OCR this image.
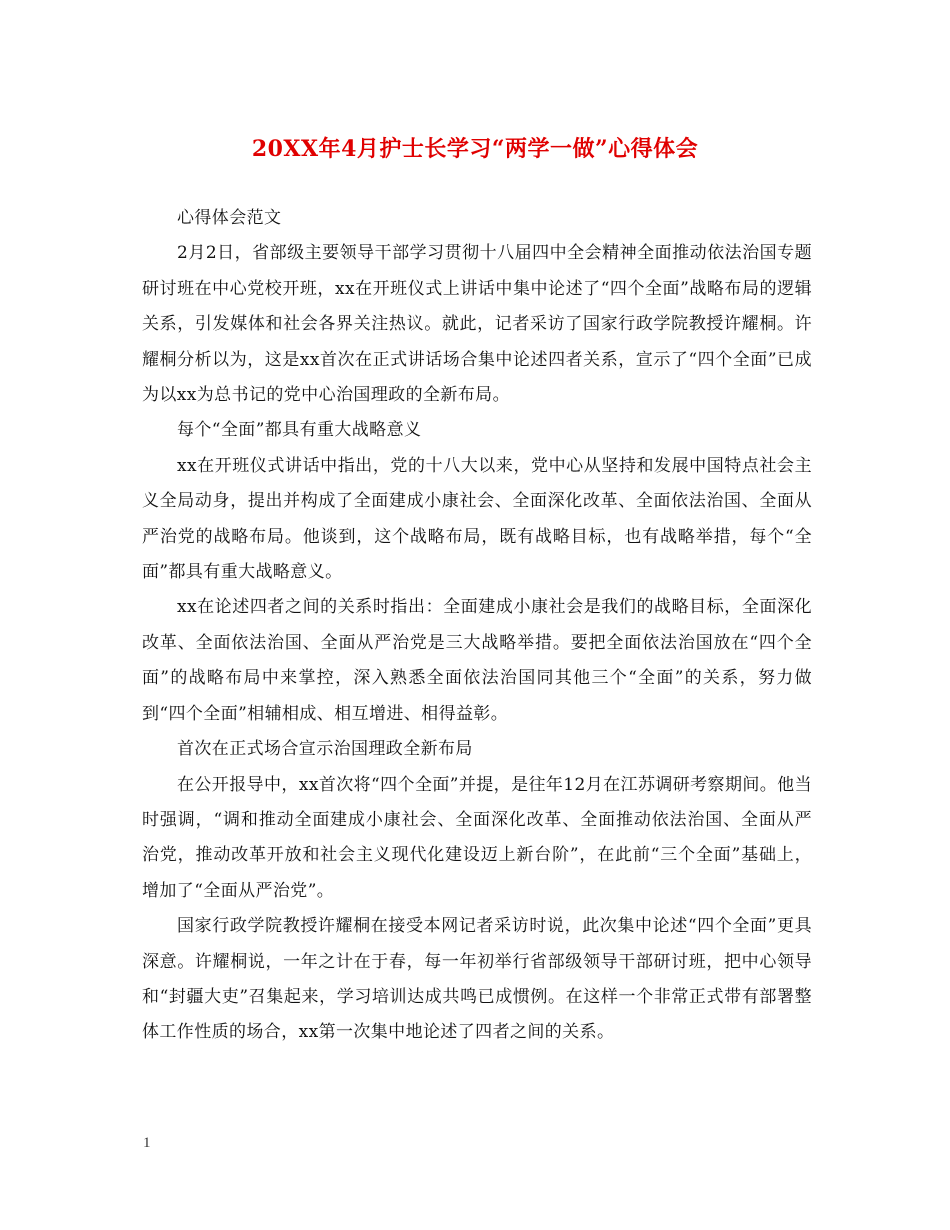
20XX年4月护士长学习“两学一做”心得体会

心得体会范文

2月2日，省部级主要领导干部学习贯彻十八届四中全会精神全面推动依法治国专题研讨班在中心党校开班，xx在开班仪式上讲话中集中论述了“四个全面”战略布局的逻辑关系，引发媒体和社会各界关注热议。就此，记者采访了国家行政学院教授许耀桐。许耀桐分析以为，这是xx首次在正式讲话场合集中论述四者关系，宣示了“四个全面”已成为以xx为总书记的党中心治国理政的全新布局。

每个“全面”都具有重大战略意义

xx在开班仪式讲话中指出，党的十八大以来，党中心从坚持和发展中国特点社会主义全局动身，提出并构成了全面建成小康社会、全面深化改革、全面依法治国、全面从严治党的战略布局。他谈到，这个战略布局，既有战略目标，也有战略举措，每个“全面”都具有重大战略意义。

xx在论述四者之间的关系时指出：全面建成小康社会是我们的战略目标，全面深化改革、全面依法治国、全面从严治党是三大战略举措。要把全面依法治国放在“四个全面”的战略布局中来掌控，深入熟悉全面依法治国同其他三个“全面”的关系，努力做到“四个全面”相辅相成、相互增进、相得益彰。

首次在正式场合宣示治国理政全新布局

在公开报导中，xx首次将“四个全面”并提，是往年12月在江苏调研考察期间。他当时强调，“调和推动全面建成小康社会、全面深化改革、全面推动依法治国、全面从严治党，推动改革开放和社会主义现代化建设迈上新台阶”，在此前“三个全面”基础上，增加了“全面从严治党”。

国家行政学院教授许耀桐在接受本网记者采访时说，此次集中论述“四个全面”更具深意。许耀桐说，一年之计在于春，每一年初举行省部级领导干部研讨班，把中心领导和“封疆大吏”召集起来，学习培训达成共鸣已成惯例。在这样一个非常正式带有部署整体工作性质的场合，xx第一次集中地论述了四者之间的关系。

1
